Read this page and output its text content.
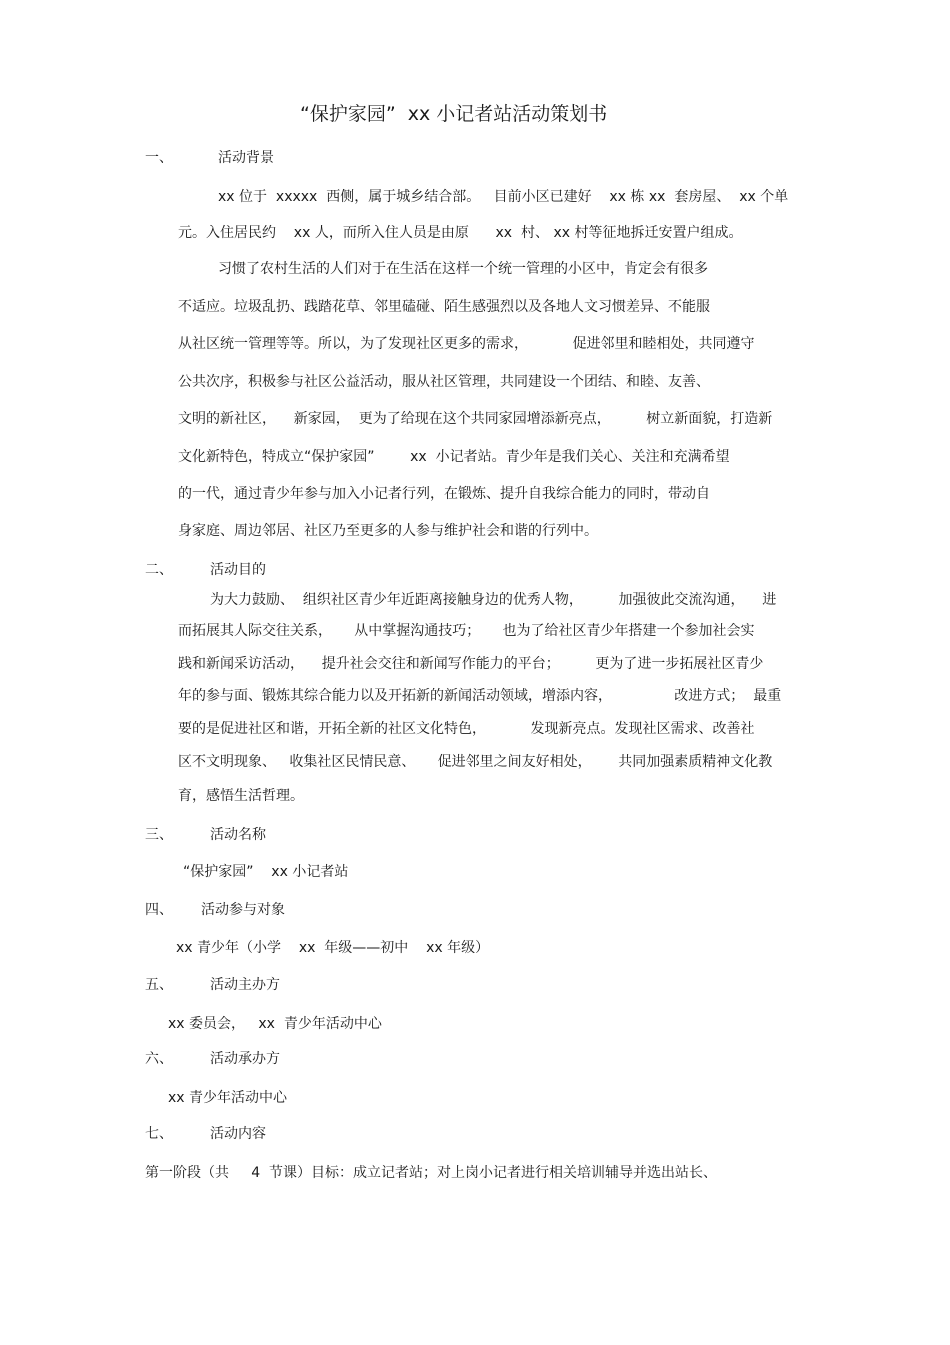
“保护家园”  xx 小记者站活动策划书
一、	活动背景
xx 位于  xxxxx  西侧，属于城乡结合部。   目前小区已建好    xx 栋 xx  套房屋、  xx 个单
元。入住居民约    xx 人，而所入住人员是由原      xx  村、 xx 村等征地拆迁安置户组成。
习惯了农村生活的人们对于在生活在这样一个统一管理的小区中，肯定会有很多
不适应。垃圾乱扔、践踏花草、邻里磕碰、陌生感强烈以及各地人文习惯差异、不能服
从社区统一管理等等。所以，为了发现社区更多的需求，          促进邻里和睦相处，共同遵守
公共次序，积极参与社区公益活动，服从社区管理，共同建设一个团结、和睦、友善、
文明的新社区，    新家园，  更为了给现在这个共同家园增添新亮点，        树立新面貌，打造新
文化新特色，特成立“保护家园”        xx  小记者站。青少年是我们关心、关注和充满希望
的一代，通过青少年参与加入小记者行列，在锻炼、提升自我综合能力的同时，带动自
身家庭、周边邻居、社区乃至更多的人参与维护社会和谐的行列中。
二、	活动目的
为大力鼓励、  组织社区青少年近距离接触身边的优秀人物，        加强彼此交流沟通，    进
而拓展其人际交往关系，     从中掌握沟通技巧；     也为了给社区青少年搭建一个参加社会实
践和新闻采访活动，    提升社会交往和新闻写作能力的平台；        更为了进一步拓展社区青少
年的参与面、锻炼其综合能力以及开拓新的新闻活动领域，增添内容，              改进方式；  最重
要的是促进社区和谐，开拓全新的社区文化特色，          发现新亮点。发现社区需求、改善社
区不文明现象、   收集社区民情民意、     促进邻里之间友好相处，      共同加强素质精神文化教
育，感悟生活哲理。
三、	活动名称
“保护家园”    xx 小记者站
四、 活动参与对象
xx 青少年（小学    xx  年级——初中    xx 年级）
五、	活动主办方
xx 委员会，   xx  青少年活动中心
六、	活动承办方
xx 青少年活动中心
七、	活动内容
第一阶段（共     4  节课）目标：成立记者站；对上岗小记者进行相关培训辅导并选出站长、
